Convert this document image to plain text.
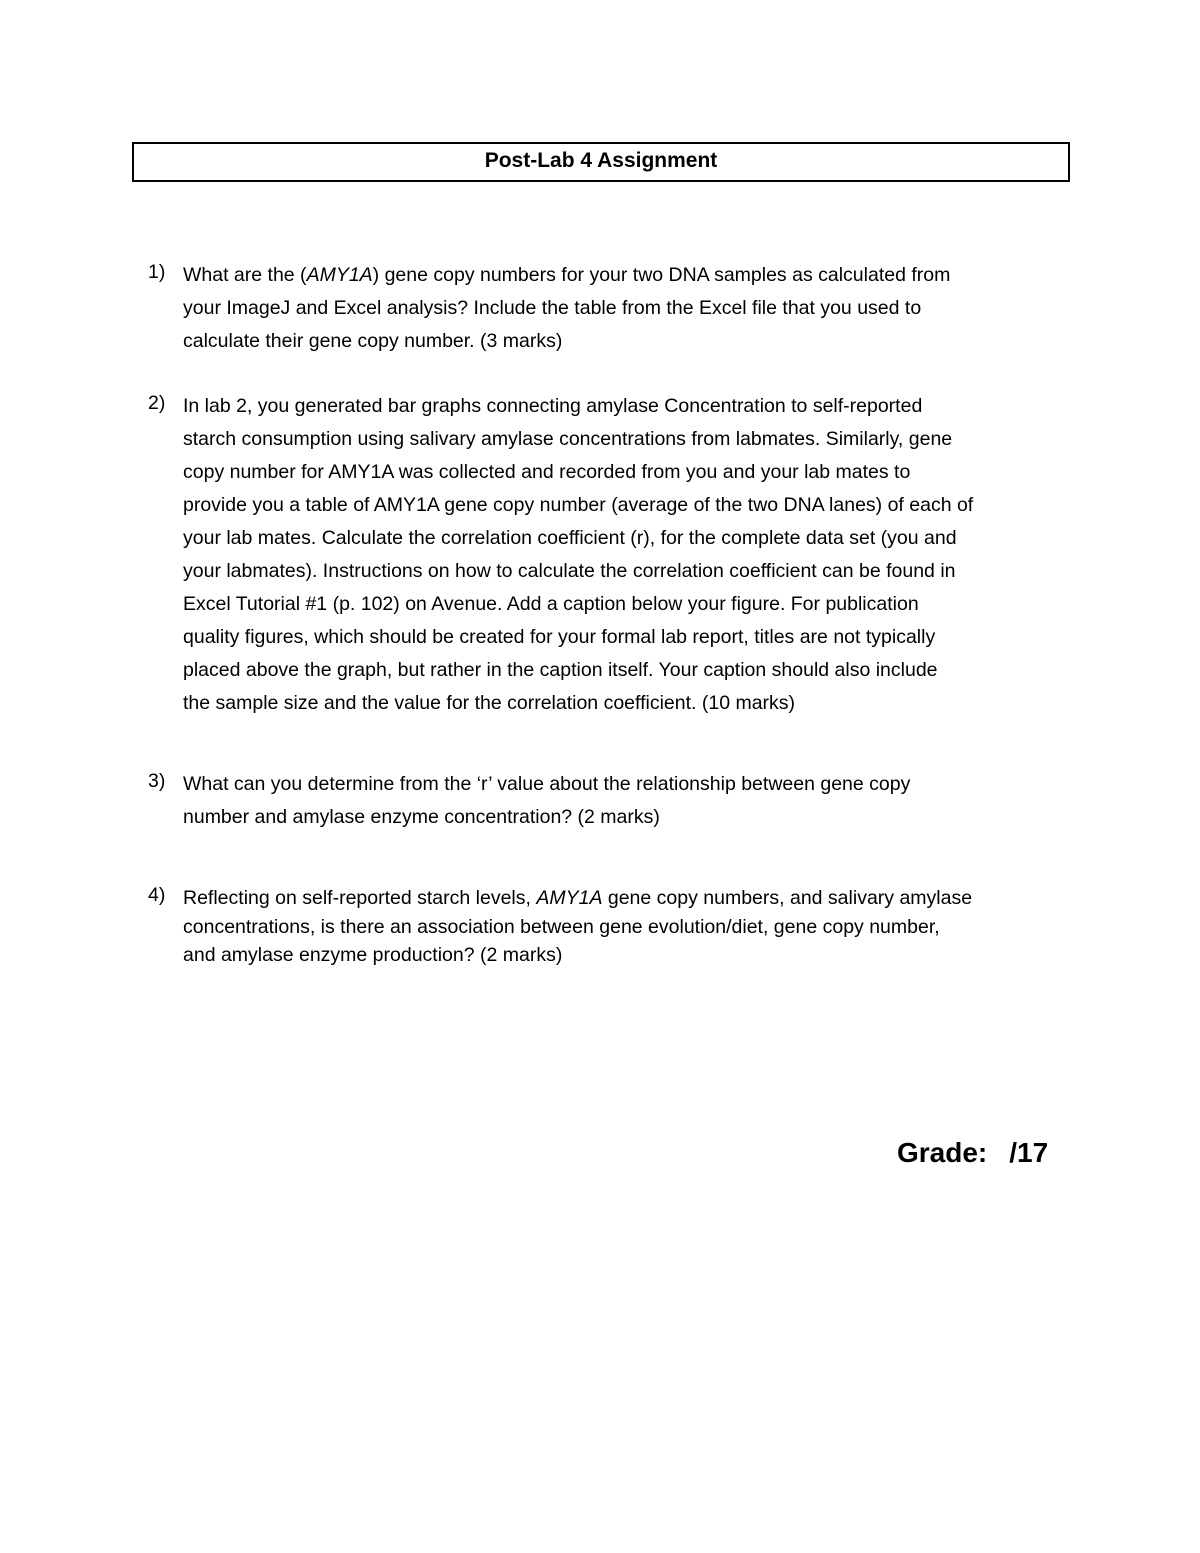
Post-Lab 4 Assignment
1) What are the (AMY1A) gene copy numbers for your two DNA samples as calculated from
your ImageJ and Excel analysis? Include the table from the Excel file that you used to
calculate their gene copy number. (3 marks)
2) In lab 2, you generated bar graphs connecting amylase Concentration to self-reported
starch consumption using salivary amylase concentrations from labmates. Similarly, gene
copy number for AMY1A was collected and recorded from you and your lab mates to
provide you a table of AMY1A gene copy number (average of the two DNA lanes) of each of
your lab mates. Calculate the correlation coefficient (r), for the complete data set (you and
your labmates). Instructions on how to calculate the correlation coefficient can be found in
Excel Tutorial #1 (p. 102) on Avenue. Add a caption below your figure. For publication
quality figures, which should be created for your formal lab report, titles are not typically
placed above the graph, but rather in the caption itself. Your caption should also include
the sample size and the value for the correlation coefficient. (10 marks)
3) What can you determine from the ‘r’ value about the relationship between gene copy
number and amylase enzyme concentration? (2 marks)
4) Reflecting on self-reported starch levels, AMY1A gene copy numbers, and salivary amylase
concentrations, is there an association between gene evolution/diet, gene copy number,
and amylase enzyme production? (2 marks)
Grade: /17
